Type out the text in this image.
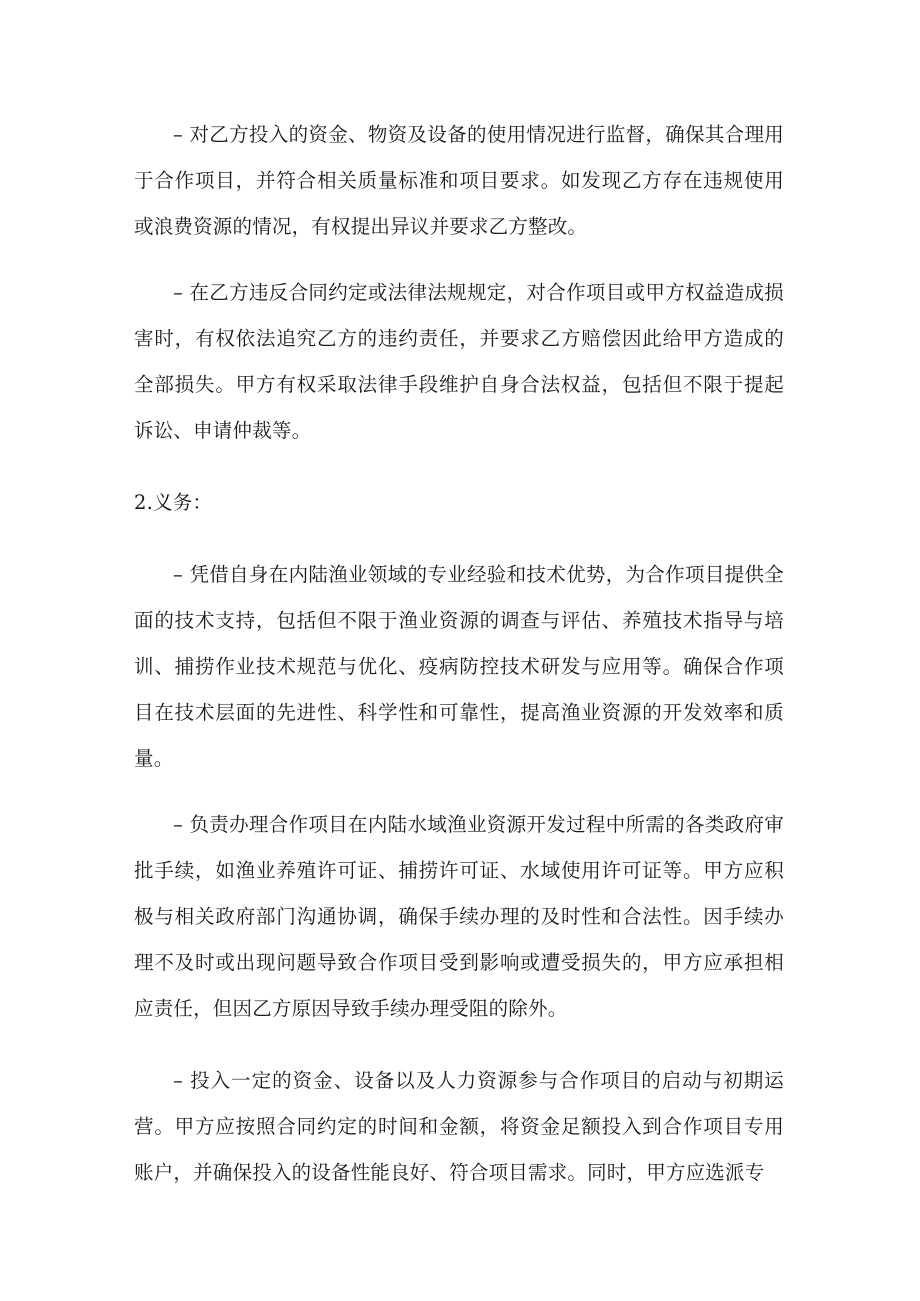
– 对乙方投入的资金、物资及设备的使用情况进行监督，确保其合理用于合作项目，并符合相关质量标准和项目要求。如发现乙方存在违规使用或浪费资源的情况，有权提出异议并要求乙方整改。

– 在乙方违反合同约定或法律法规规定，对合作项目或甲方权益造成损害时，有权依法追究乙方的违约责任，并要求乙方赔偿因此给甲方造成的全部损失。甲方有权采取法律手段维护自身合法权益，包括但不限于提起诉讼、申请仲裁等。

2.义务：

– 凭借自身在内陆渔业领域的专业经验和技术优势，为合作项目提供全面的技术支持，包括但不限于渔业资源的调查与评估、养殖技术指导与培训、捕捞作业技术规范与优化、疫病防控技术研发与应用等。确保合作项目在技术层面的先进性、科学性和可靠性，提高渔业资源的开发效率和质量。

– 负责办理合作项目在内陆水域渔业资源开发过程中所需的各类政府审批手续，如渔业养殖许可证、捕捞许可证、水域使用许可证等。甲方应积极与相关政府部门沟通协调，确保手续办理的及时性和合法性。因手续办理不及时或出现问题导致合作项目受到影响或遭受损失的，甲方应承担相应责任，但因乙方原因导致手续办理受阻的除外。

– 投入一定的资金、设备以及人力资源参与合作项目的启动与初期运营。甲方应按照合同约定的时间和金额，将资金足额投入到合作项目专用账户，并确保投入的设备性能良好、符合项目需求。同时，甲方应选派专
